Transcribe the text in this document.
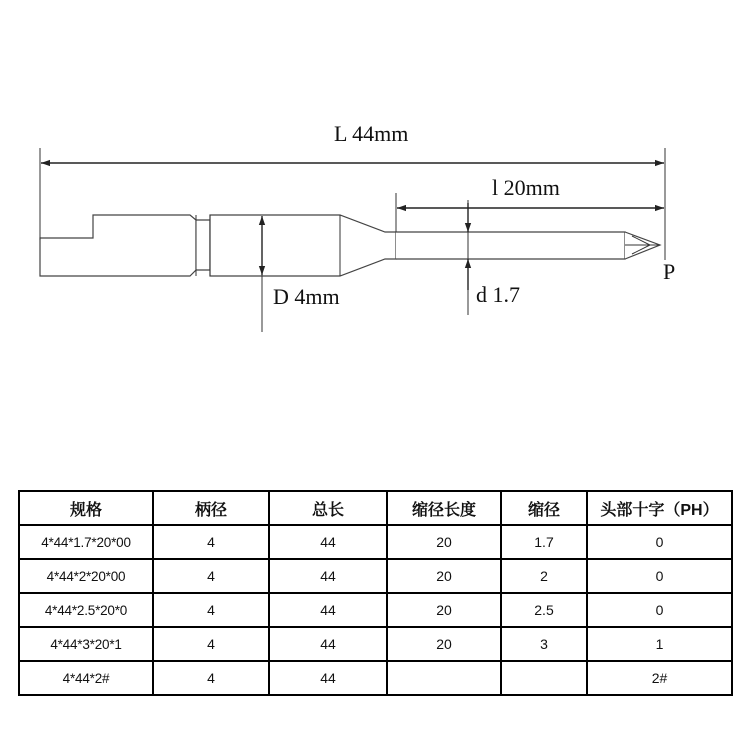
L 44mm
l 20mm
D 4mm	d 1.7
P
规格	柄径	总长	缩径长度	缩径	头部十字（PH）
4*44*1.7*20*00	4	44	20	1.7	0
4*44*2*20*00	4	44	20	2	0
4*44*2.5*20*0	4	44	20	2.5	0
4*44*3*20*1	4	44	20	3	1
4*44*2#	4	44			2#
